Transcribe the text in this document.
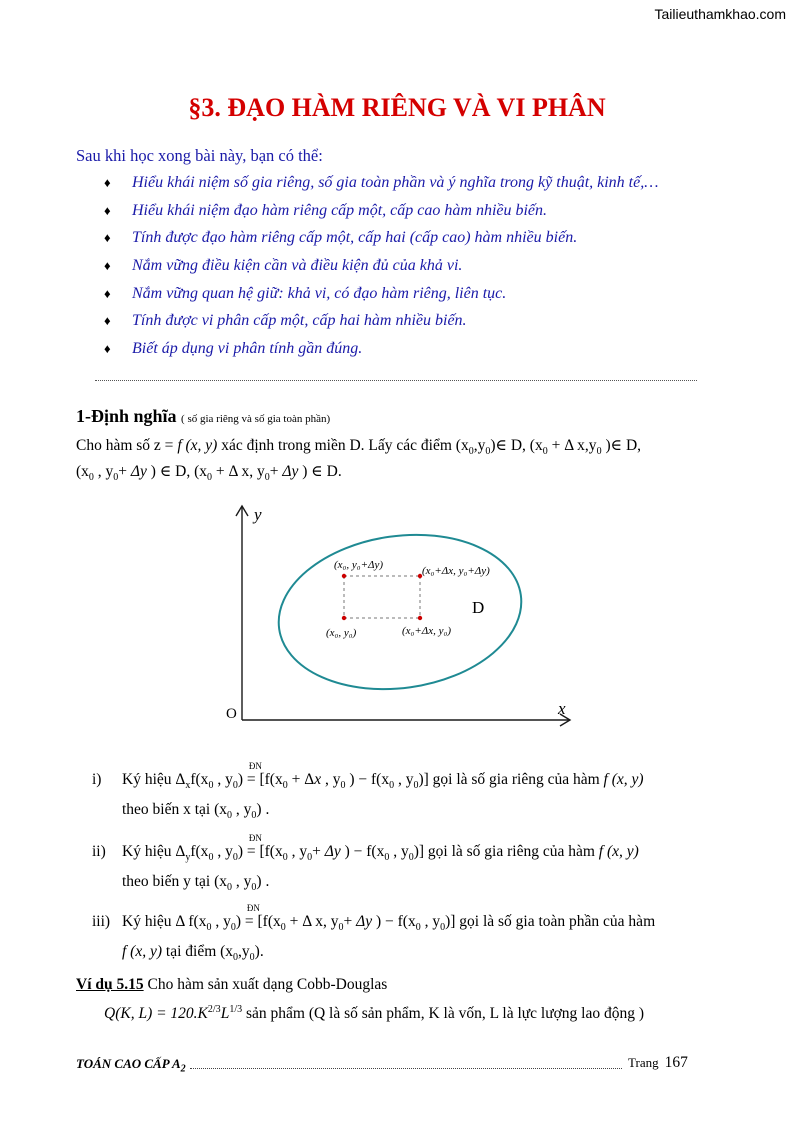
Tailieuthamkhao.com
§3. ĐẠO HÀM RIÊNG VÀ VI PHÂN
Sau khi học xong bài này, bạn có thể:
♦ Hiểu khái niệm số gia riêng, số gia toàn phần và ý nghĩa trong kỹ thuật, kinh tế,…
♦ Hiểu khái niệm đạo hàm riêng cấp một, cấp cao hàm nhiều biến.
♦ Tính được đạo hàm riêng cấp một, cấp hai (cấp cao) hàm nhiều biến.
♦ Nắm vững điều kiện cần và điều kiện đủ của khả vi.
♦ Nắm vững quan hệ giữ: khả vi, có đạo hàm riêng, liên tục.
♦ Tính được vi phân cấp một, cấp hai hàm nhiều biến.
♦ Biết áp dụng vi phân tính gần đúng.
1-Định nghĩa ( số gia riêng và số gia toàn phần)
Cho hàm số z = f (x, y) xác định trong miền D. Lấy các điểm $(x_0,y_0)\in$ D, ($x_0 + \Delta$ $x,y_0$ )∈ D,
($x_0$ , $y_0+ \Delta y$ ) ∈ D, ($x_0 + \Delta$ x, $y_0+ \Delta y$ ) ∈ D.
y
x
O
D
(x₀, y₀+Δy)	(x₀+Δx, y₀+Δy)
(x₀, y₀)	(x₀+Δx, y₀)
i) Ký hiệu $\Delta_xf(x_0$ , $y_0$)
ĐN
= [$f(x_0 + \Delta x$ , $y_0$ ) − $f(x_0$ , $y_0$)] gọi là số gia riêng của hàm f (x, y)
theo biến x tại ($x_0$ , $y_0$) .
ii) Ký hiệu $\Delta_yf(x_0$ , $y_0$)
ĐN
= [$f(x_0$ , $y_0+ \Delta y$ ) − $f(x_0$ , $y_0$)] gọi là số gia riêng của hàm f (x, y)
theo biến y tại ($x_0$ , $y_0$) .
iii) Ký hiệu Δ $f(x_0$ , $y_0$)
ĐN
= [$f(x_0 + \Delta$ x, $y_0+ \Delta y$ ) − $f(x_0$ , $y_0$)] gọi là số gia toàn phần của hàm
f (x, y) tại điểm $(x_0,y_0)$.
Ví dụ 5.15 Cho hàm sản xuất dạng Cobb-Douglas
Q(K, $L) = 120.K^{2/3}L^{1/3}$ sản phẩm (Q là số sản phẩm, K là vốn, L là lực lượng lao động )
TOÁN CAO CẤP $A_2$	Trang 167
